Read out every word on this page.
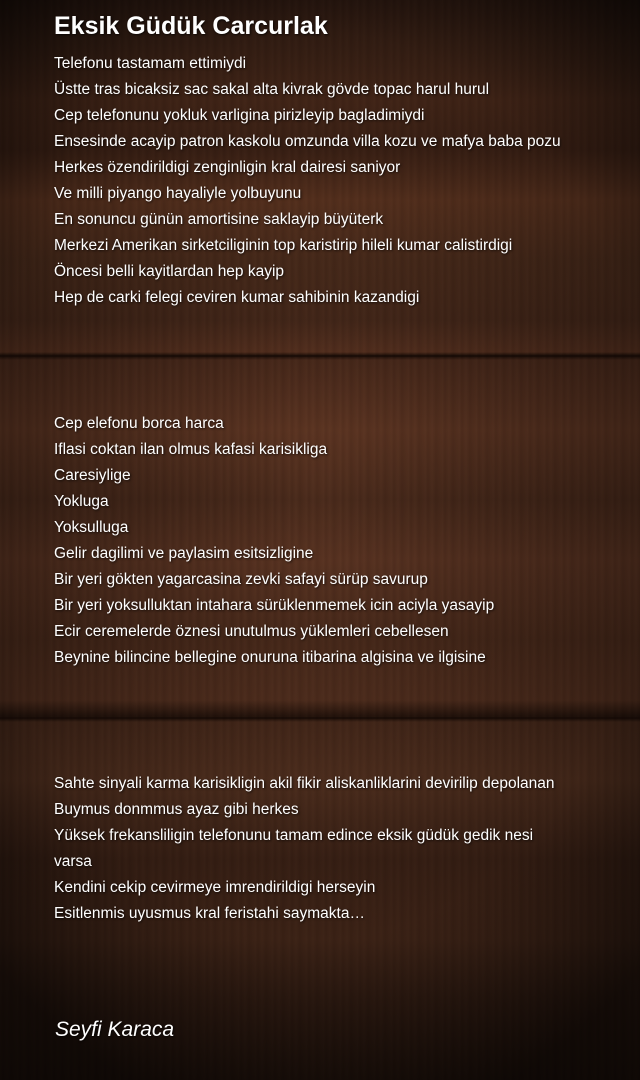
Eksik Güdük Carcurlak
Telefonu tastamam ettimiydi
Üstte tras bicaksiz sac sakal alta kivrak gövde topac harul hurul
Cep telefonunu yokluk varligina pirizleyip bagladimiydi
Ensesinde acayip patron kaskolu omzunda villa kozu ve mafya baba pozu
Herkes özendirildigi zenginligin kral dairesi saniyor
Ve milli piyango hayaliyle yolbuyunu
En sonuncu günün amortisine saklayip büyüterk
Merkezi Amerikan sirketciliginin top karistirip hileli kumar calistirdigi
Öncesi belli kayitlardan hep kayip
Hep de carki felegi ceviren kumar sahibinin kazandigi
Cep elefonu borca harca
Iflasi coktan ilan olmus kafasi karisikliga
Caresiylige
Yokluga
Yoksulluga
Gelir dagilimi ve paylasim esitsizligine
Bir yeri gökten yagarcasina zevki safayi sürüp savurup
Bir yeri yoksulluktan intahara sürüklenmemek icin aciyla yasayip
Ecir ceremelerde öznesi unutulmus yüklemleri cebellesen
Beynine bilincine bellegine onuruna itibarina algisina ve ilgisine
Sahte sinyali karma karisikligin akil fikir aliskanliklarini devirilip depolanan
Buymus donmmus ayaz gibi herkes
Yüksek frekansliligin telefonunu tamam edince eksik güdük gedik nesi varsa
Kendini cekip cevirmeye imrendirildigi herseyin
Esitlenmis uyusmus kral feristahi saymakta…
Seyfi Karaca
